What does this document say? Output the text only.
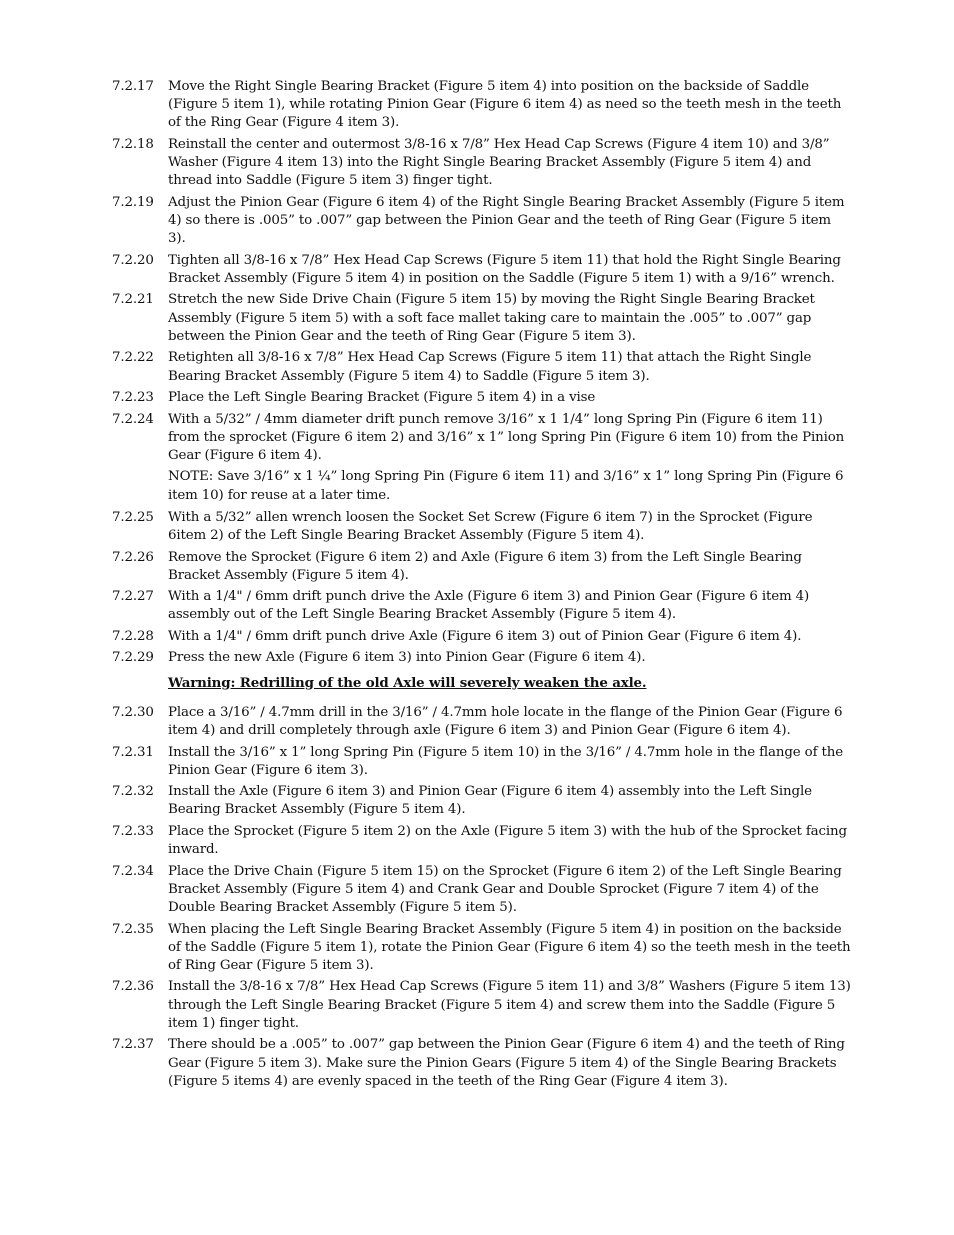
7.2.17	Move the Right Single Bearing Bracket (Figure 5 item 4) into position on the backside of Saddle (Figure 5 item 1), while rotating Pinion Gear (Figure 6 item 4) as need so the teeth mesh in the teeth of the Ring Gear (Figure 4 item 3).
7.2.18	Reinstall the center and outermost 3/8-16 x 7/8” Hex Head Cap Screws (Figure 4 item 10) and 3/8” Washer (Figure 4 item 13) into the Right Single Bearing Bracket Assembly (Figure 5 item 4) and thread into Saddle (Figure 5 item 3) finger tight.
7.2.19	Adjust the Pinion Gear (Figure 6 item 4) of the Right Single Bearing Bracket Assembly (Figure 5 item 4) so there is .005” to .007” gap between the Pinion Gear and the teeth of Ring Gear (Figure 5 item 3).
7.2.20	Tighten all 3/8-16 x 7/8” Hex Head Cap Screws (Figure 5 item 11) that hold the Right Single Bearing Bracket Assembly (Figure 5 item 4) in position on the Saddle (Figure 5 item 1) with a 9/16” wrench.
7.2.21	Stretch the new Side Drive Chain (Figure 5 item 15) by moving the Right Single Bearing Bracket Assembly (Figure 5 item 5) with a soft face mallet taking care to maintain the .005” to .007” gap between the Pinion Gear and the teeth of Ring Gear (Figure 5 item 3).
7.2.22	Retighten all 3/8-16 x 7/8” Hex Head Cap Screws (Figure 5 item 11) that attach the Right Single Bearing Bracket Assembly (Figure 5 item 4) to Saddle (Figure 5 item 3).
7.2.23	Place the Left Single Bearing Bracket (Figure 5 item 4) in a vise
7.2.24	With a 5/32” / 4mm diameter drift punch remove 3/16” x 1 1/4” long Spring Pin (Figure 6 item 11) from the sprocket (Figure 6 item 2) and 3/16” x 1” long Spring Pin (Figure 6 item 10) from the Pinion Gear (Figure 6 item 4).
NOTE: Save 3/16” x 1 ¼” long Spring Pin (Figure 6 item 11) and 3/16” x 1” long Spring Pin (Figure 6 item 10) for reuse at a later time.
7.2.25	With a 5/32” allen wrench loosen the Socket Set Screw (Figure 6 item 7) in the Sprocket (Figure 6item 2) of the Left Single Bearing Bracket Assembly (Figure 5 item 4).
7.2.26	Remove the Sprocket (Figure 6 item 2) and Axle (Figure 6 item 3) from the Left Single Bearing Bracket Assembly (Figure 5 item 4).
7.2.27	With a 1/4" / 6mm drift punch drive the Axle (Figure 6 item 3) and Pinion Gear (Figure 6 item 4) assembly out of the Left Single Bearing Bracket Assembly (Figure 5 item 4).
7.2.28	With a 1/4" / 6mm drift punch drive Axle (Figure 6 item 3) out of Pinion Gear (Figure 6 item 4).
7.2.29	Press the new Axle (Figure 6 item 3) into Pinion Gear (Figure 6 item 4).
Warning: Redrilling of the old Axle will severely weaken the axle.
7.2.30	Place a 3/16” / 4.7mm drill in the 3/16” / 4.7mm hole locate in the flange of the Pinion Gear (Figure 6 item 4) and drill completely through axle (Figure 6 item 3) and Pinion Gear (Figure 6 item 4).
7.2.31	Install the 3/16” x 1” long Spring Pin (Figure 5 item 10) in the 3/16” / 4.7mm hole in the flange of the Pinion Gear (Figure 6 item 3).
7.2.32	Install the Axle (Figure 6 item 3) and Pinion Gear (Figure 6 item 4) assembly into the Left Single Bearing Bracket Assembly (Figure 5 item 4).
7.2.33	Place the Sprocket (Figure 5 item 2) on the Axle (Figure 5 item 3) with the hub of the Sprocket facing inward.
7.2.34	Place the Drive Chain (Figure 5 item 15) on the Sprocket (Figure 6 item 2) of the Left Single Bearing Bracket Assembly (Figure 5 item 4) and Crank Gear and Double Sprocket (Figure 7 item 4) of the Double Bearing Bracket Assembly (Figure 5 item 5).
7.2.35	When placing the Left Single Bearing Bracket Assembly (Figure 5 item 4) in position on the backside of the Saddle (Figure 5 item 1), rotate the Pinion Gear (Figure 6 item 4) so the teeth mesh in the teeth of Ring Gear (Figure 5 item 3).
7.2.36	Install the 3/8-16 x 7/8” Hex Head Cap Screws (Figure 5 item 11) and 3/8” Washers (Figure 5 item 13) through the Left Single Bearing Bracket (Figure 5 item 4) and screw them into the Saddle (Figure 5 item 1) finger tight.
7.2.37	There should be a .005” to .007” gap between the Pinion Gear (Figure 6 item 4) and the teeth of Ring Gear (Figure 5 item 3). Make sure the Pinion Gears (Figure 5 item 4) of the Single Bearing Brackets (Figure 5 items 4) are evenly spaced in the teeth of the Ring Gear (Figure 4 item 3).
